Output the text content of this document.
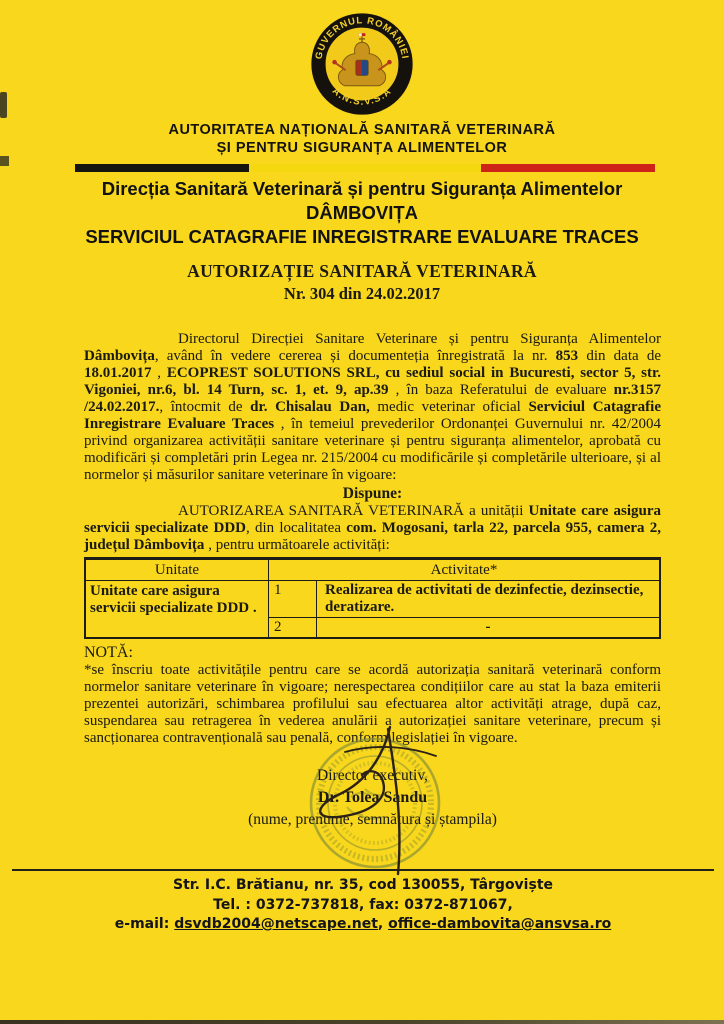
GUVERNUL ROMÂNIEI
A.N.S.V.S.A
AUTORITATEA NAȚIONALĂ SANITARĂ VETERINARĂ
ȘI PENTRU SIGURANȚA ALIMENTELOR
Direcția Sanitară Veterinară și pentru Siguranța Alimentelor
DÂMBOVIȚA
SERVICIUL CATAGRAFIE INREGISTRARE EVALUARE TRACES
AUTORIZAȚIE SANITARĂ VETERINARĂ
Nr. 304 din 24.02.2017

Directorul Direcției Sanitare Veterinare și pentru Siguranța Alimentelor Dâmbovița, având în vedere cererea și documenteția înregistrată la nr. 853 din data de 18.01.2017 , ECOPREST SOLUTIONS SRL, cu sediul social in Bucuresti, sector 5, str. Vigoniei, nr.6, bl. 14 Turn, sc. 1, et. 9, ap.39 , în baza Referatului de evaluare nr.3157 /24.02.2017., întocmit de dr. Chisalau Dan, medic veterinar oficial Serviciul Catagrafie Inregistrare Evaluare Traces , în temeiul prevederilor Ordonanței Guvernului nr. 42/2004 privind organizarea activității sanitare veterinare și pentru siguranța alimentelor, aprobată cu modificări și completări prin Legea nr. 215/2004 cu modificările și completările ulterioare, și al normelor și măsurilor sanitare veterinare în vigoare:

Dispune:

AUTORIZAREA SANITARĂ VETERINARĂ a unității Unitate care asigura servicii specializate DDD, din localitatea com. Mogosani, tarla 22, parcela 955, camera 2, județul Dâmbovița , pentru următoarele activități:

Unitate	Activitate*	
Unitate care asigura servicii specializate DDD .	1	Realizarea de activitati de dezinfectie, dezinsectie, deratizare.
	2	-
NOTĂ:

*se înscriu toate activitățile pentru care se acordă autorizația sanitară veterinară conform normelor sanitare veterinare în vigoare; nerespectarea condițiilor care au stat la baza emiterii prezentei autorizări, schimbarea profilului sau efectuarea altor activități atrage, după caz, suspendarea sau retragerea în vederea anulării a autorizațiеi sanitare veterinare, precum și sancționarea contravențională sau penală, conform legislației în vigoare.

Director executiv,
Dr. Tolea Sandu
(nume, prenume, semnătura și ștampila)
Str. I.C. Brătianu, nr. 35, cod 130055, Târgoviște
Tel. : 0372-737818, fax: 0372-871067,
e-mail: dsvdb2004@netscape.net, office-dambovita@ansvsa.ro
